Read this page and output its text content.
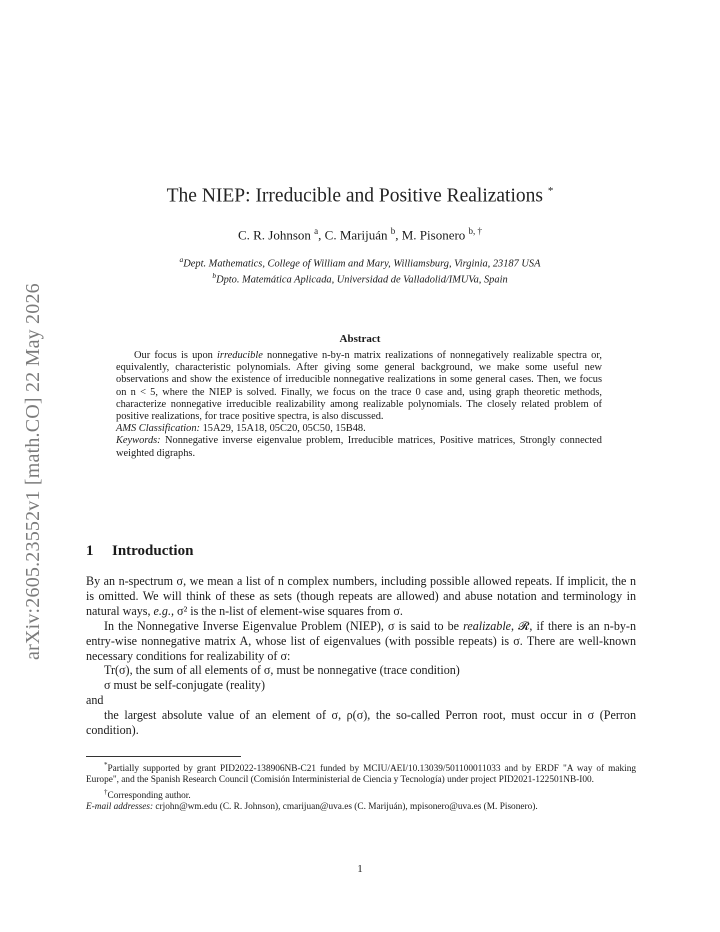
arXiv:2605.23552v1 [math.CO] 22 May 2026
The NIEP: Irreducible and Positive Realizations *
C. R. Johnson $^a$, C. Marijuán $^b$, M. Pisonero $^{b, \dagger}$
$^a$Dept. Mathematics, College of William and Mary, Williamsburg, Virginia, 23187 USA
$^b$Dpto. Matemática Aplicada, Universidad de Valladolid/IMUVa, Spain
Abstract

Our focus is upon irreducible nonnegative n-by-n matrix realizations of nonnegatively realizable spectra or, equivalently, characteristic polynomials. After giving some general background, we make some useful new observations and show the existence of irreducible nonnegative realizations in some general cases. Then, we focus on n < 5, where the NIEP is solved. Finally, we focus on the trace 0 case and, using graph theoretic methods, characterize nonnegative irreducible realizability among realizable polynomials. The closely related problem of positive realizations, for trace positive spectra, is also discussed.

AMS Classification: 15A29, 15A18, 05C20, 05C50, 15B48.

Keywords: Nonnegative inverse eigenvalue problem, Irreducible matrices, Positive matrices, Strongly connected weighted digraphs.

1 Introduction

By an n-spectrum σ, we mean a list of n complex numbers, including possible allowed repeats. If implicit, the n is omitted. We will think of these as sets (though repeats are allowed) and abuse notation and terminology in natural ways, e.g., σ² is the n-list of element-wise squares from σ.

In the Nonnegative Inverse Eigenvalue Problem (NIEP), σ is said to be realizable, 𝓡, if there is an n-by-n entry-wise nonnegative matrix A, whose list of eigenvalues (with possible repeats) is σ. There are well-known necessary conditions for realizability of σ:

Tr(σ), the sum of all elements of σ, must be nonnegative (trace condition)

σ must be self-conjugate (reality)

and

the largest absolute value of an element of σ, ρ(σ), the so-called Perron root, must occur in σ (Perron condition).

*Partially supported by grant PID2022-138906NB-C21 funded by MCIU/AEI/10.13039/501100011033 and by ERDF "A way of making Europe", and the Spanish Research Council (Comisión Interministerial de Ciencia y Tecnología) under project PID2021-122501NB-I00.

†Corresponding author.

E-mail addresses: crjohn@wm.edu (C. R. Johnson), cmarijuan@uva.es (C. Marijuán), mpisonero@uva.es (M. Pisonero).

1
